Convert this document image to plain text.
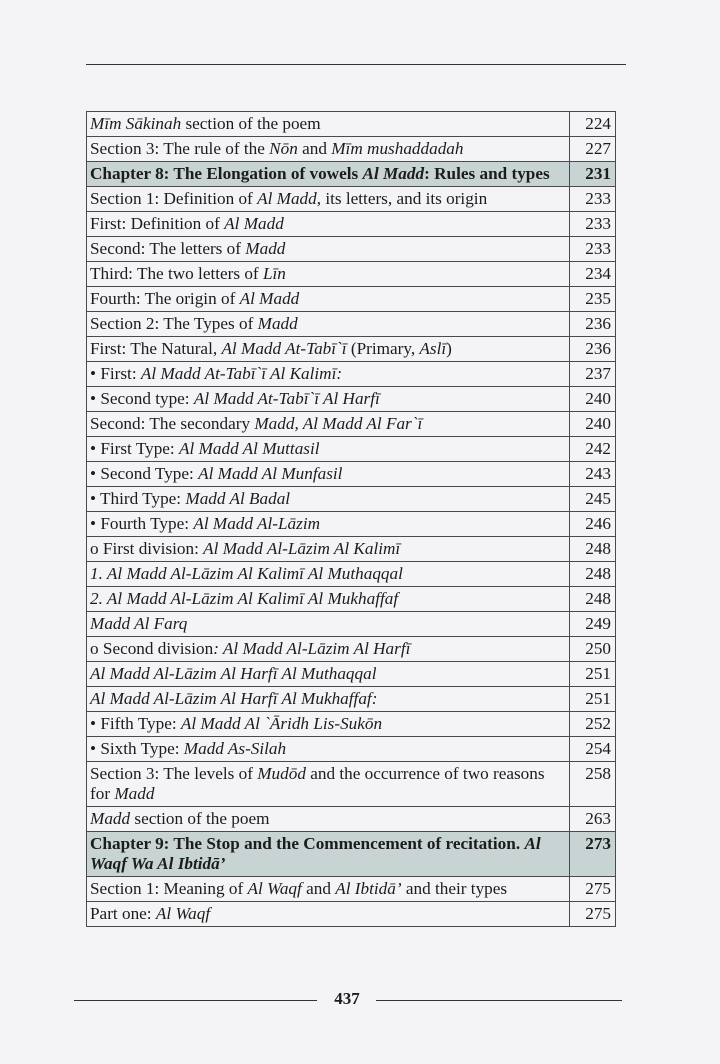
Mīm Sākinah section of the poem	224
Section 3: The rule of the Nōn and Mīm mushaddadah	227
Chapter 8: The Elongation of vowels Al Madd: Rules and types	231
Section 1: Definition of Al Madd, its letters, and its origin	233
First: Definition of Al Madd	233
Second: The letters of Madd	233
Third: The two letters of Līn	234
Fourth: The origin of Al Madd	235
Section 2: The Types of Madd	236
First: The Natural, Al Madd At-Tabī`ī (Primary, Aslī)	236
• First: Al Madd At-Tabī`ī Al Kalimī:	237
• Second type: Al Madd At-Tabī`ī Al Harfī	240
Second: The secondary Madd, Al Madd Al Far`ī	240
• First Type: Al Madd Al Muttasil	242
• Second Type: Al Madd Al Munfasil	243
• Third Type: Madd Al Badal	245
• Fourth Type: Al Madd Al-Lāzim	246
o First division: Al Madd Al-Lāzim Al Kalimī	248
1. Al Madd Al-Lāzim Al Kalimī Al Muthaqqal	248
2. Al Madd Al-Lāzim Al Kalimī Al Mukhaffaf	248
Madd Al Farq	249
o Second division: Al Madd Al-Lāzim Al Harfī	250
Al Madd Al-Lāzim Al Harfī Al Muthaqqal	251
Al Madd Al-Lāzim Al Harfī Al Mukhaffaf:	251
• Fifth Type: Al Madd Al `Āridh Lis-Sukōn	252
• Sixth Type: Madd As-Silah	254
Section 3: The levels of Mudōd and the occurrence of two reasons for Madd	258
Madd section of the poem	263
Chapter 9: The Stop and the Commencement of recitation. Al Waqf Wa Al Ibtidā’	273
Section 1: Meaning of Al Waqf and Al Ibtidā’ and their types	275
Part one: Al Waqf	275
437
